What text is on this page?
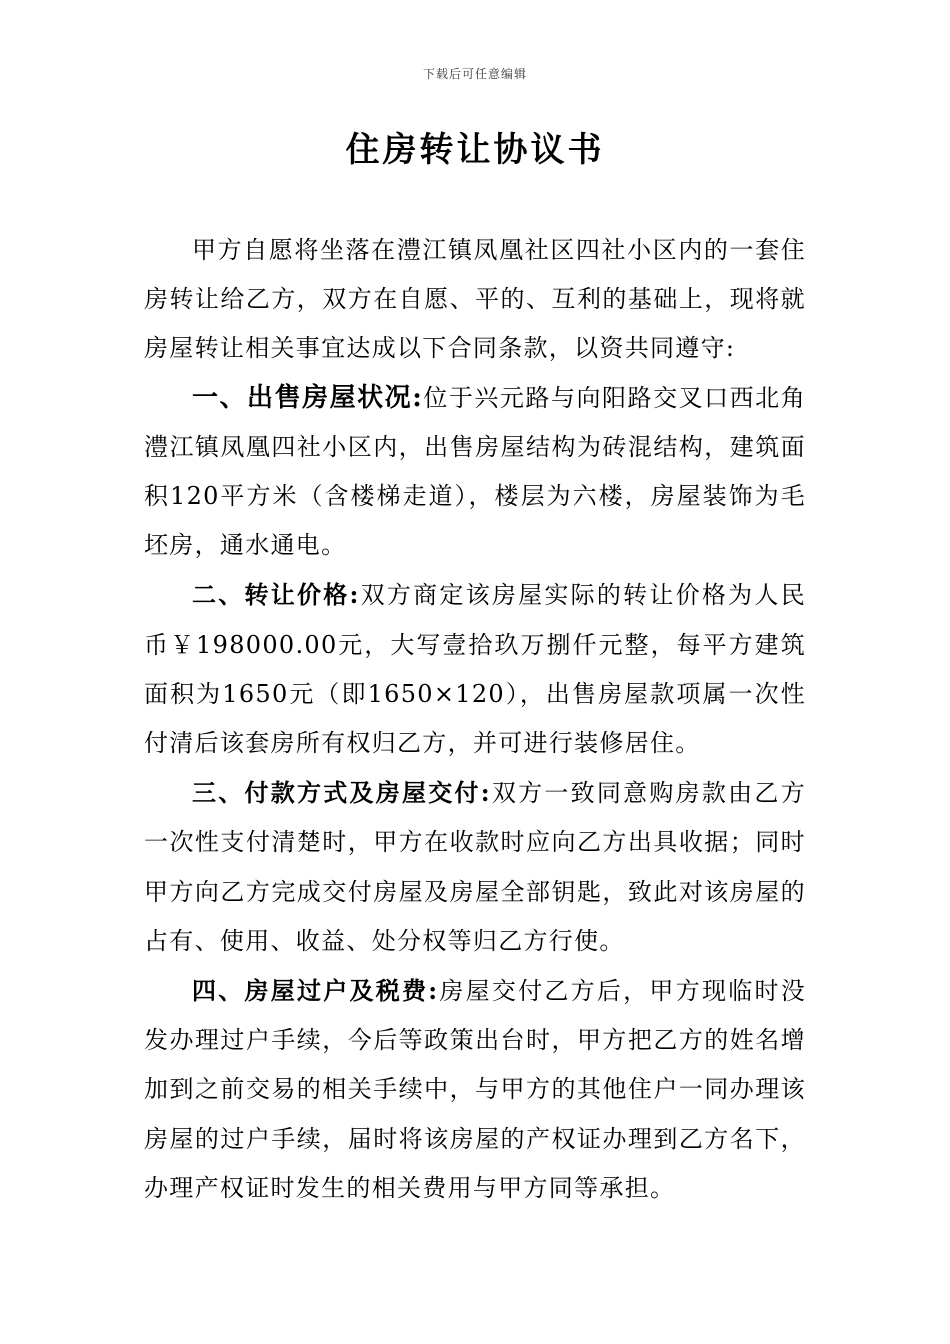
下载后可任意编辑
住房转让协议书

甲方自愿将坐落在澧江镇凤凰社区四社小区内的一套住房转让给乙方，双方在自愿、平的、互利的基础上，现将就房屋转让相关事宜达成以下合同条款，以资共同遵守:

一、出售房屋状况:位于兴元路与向阳路交叉口西北角澧江镇凤凰四社小区内，出售房屋结构为砖混结构，建筑面积120平方米（含楼梯走道），楼层为六楼，房屋装饰为毛坯房，通水通电。

二、转让价格:双方商定该房屋实际的转让价格为人民币￥198000.00元，大写壹拾玖万捌仟元整，每平方建筑面积为1650元（即1650×120），出售房屋款项属一次性付清后该套房所有权归乙方，并可进行装修居住。

三、付款方式及房屋交付:双方一致同意购房款由乙方一次性支付清楚时，甲方在收款时应向乙方出具收据；同时甲方向乙方完成交付房屋及房屋全部钥匙，致此对该房屋的占有、使用、收益、处分权等归乙方行使。

四、房屋过户及税费:房屋交付乙方后，甲方现临时没发办理过户手续，今后等政策出台时，甲方把乙方的姓名增加到之前交易的相关手续中，与甲方的其他住户一同办理该房屋的过户手续，届时将该房屋的产权证办理到乙方名下，办理产权证时发生的相关费用与甲方同等承担。
